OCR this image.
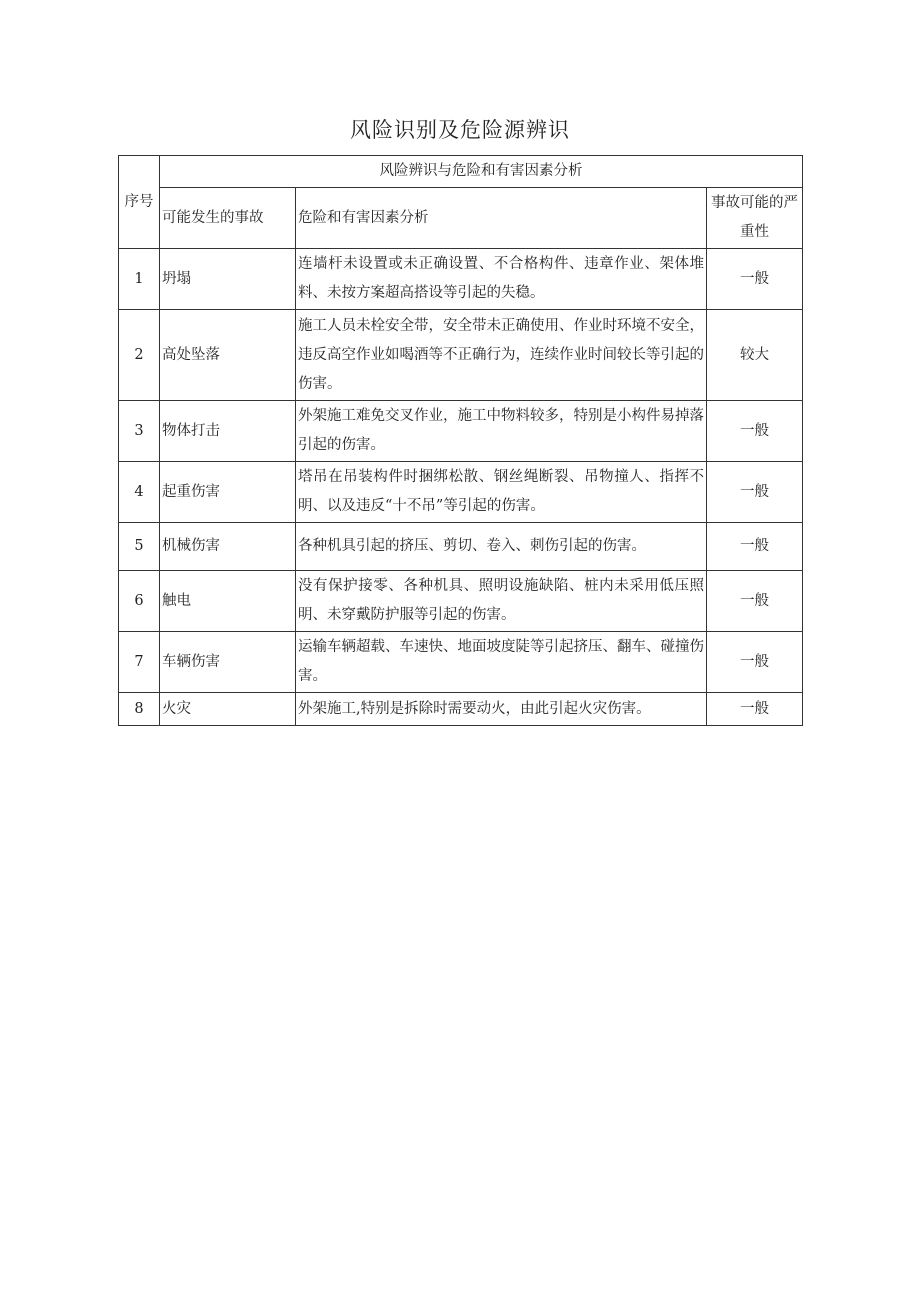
风险识别及危险源辨识
序号	风险辨识与危险和有害因素分析		
	可能发生的事故	危险和有害因素分析	事故可能的严重性
1	坍塌	连墙杆未设置或未正确设置、不合格构件、违章作业、架体堆料、未按方案超高搭设等引起的失稳。	一般
2	高处坠落	施工人员未栓安全带，安全带未正确使用、作业时环境不安全，违反高空作业如喝酒等不正确行为，连续作业时间较长等引起的伤害。	较大
3	物体打击	外架施工难免交叉作业，施工中物料较多，特别是小构件易掉落引起的伤害。	一般
4	起重伤害	塔吊在吊装构件时捆绑松散、钢丝绳断裂、吊物撞人、指挥不明、以及违反“十不吊”等引起的伤害。	一般
5	机械伤害	各种机具引起的挤压、剪切、卷入、刺伤引起的伤害。	一般
6	触电	没有保护接零、各种机具、照明设施缺陷、桩内未采用低压照明、未穿戴防护服等引起的伤害。	一般
7	车辆伤害	运输车辆超载、车速快、地面坡度陡等引起挤压、翻车、碰撞伤害。	一般
8	火灾	外架施工,特别是拆除时需要动火，由此引起火灾伤害。	一般
